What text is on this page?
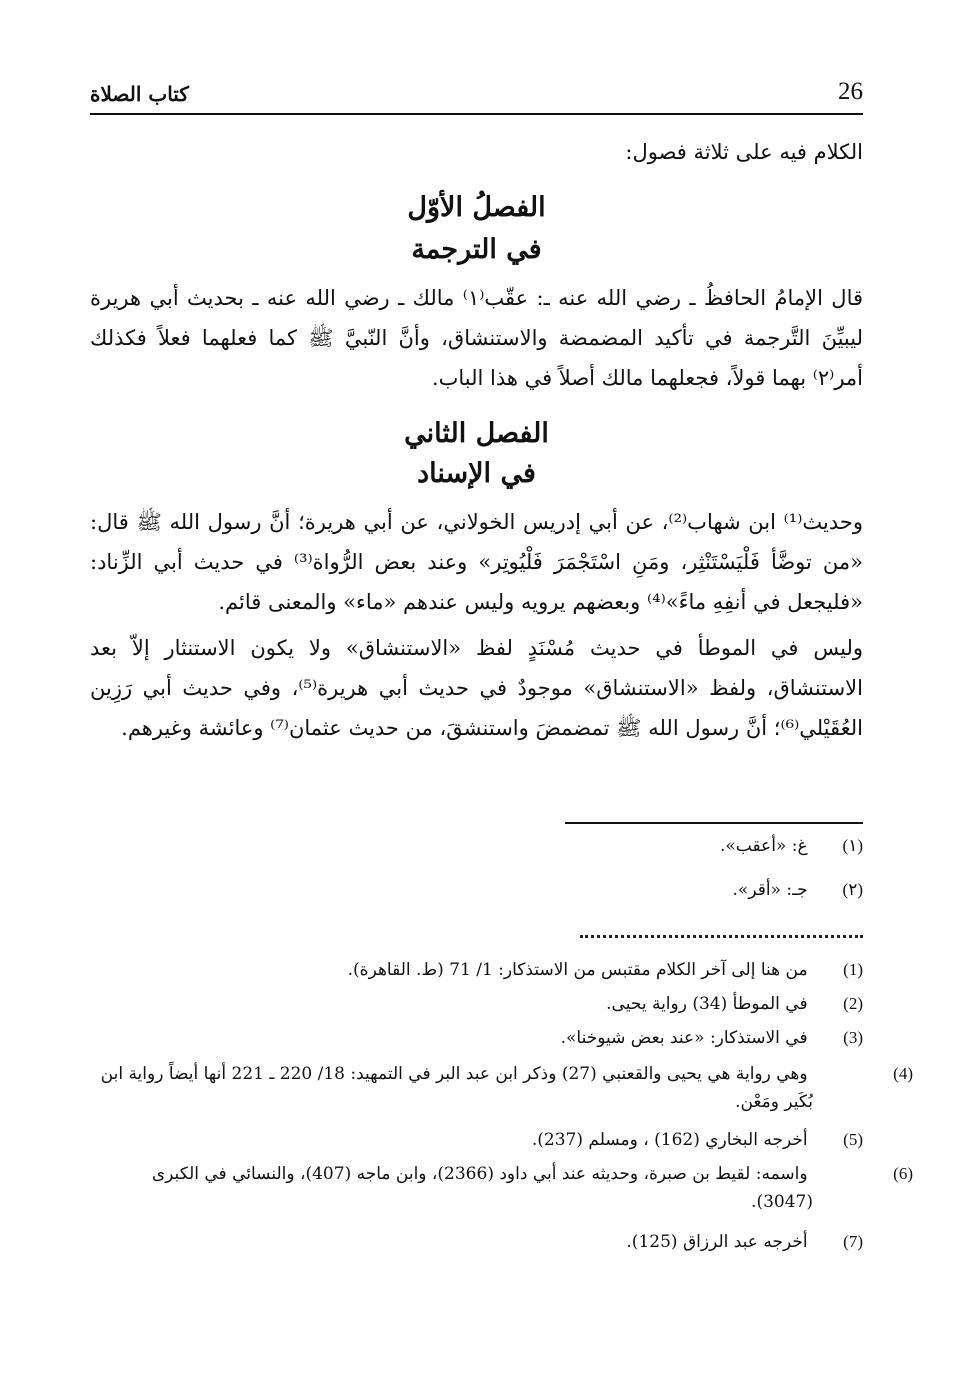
26
كتاب الصلاة
الكلام فيه على ثلاثة فصول:
الفصلُ الأوّل
في الترجمة

قال الإمامُ الحافظُ ـ رضي الله عنه ـ: عقّب⁽١⁾ مالك ـ رضي الله عنه ـ بحديث أبي هريرة ليبيِّنَ التَّرجمة في تأكيد المضمضة والاستنشاق، وأنَّ النّبيَّ ﷺ كما فعلهما فعلاً فكذلك أمر⁽٢⁾ بهما قولاً، فجعلهما مالك أصلاً في هذا الباب.

الفصل الثاني
في الإسناد

وحديث⁽¹⁾ ابن شهاب⁽²⁾، عن أبي إدريس الخولاني، عن أبي هريرة؛ أنَّ رسول الله ﷺ قال: «من توضَّأ فَلْيَسْتَنْثِر، ومَنِ اسْتَجْمَرَ فَلْيُوتِر» وعند بعض الرُّواة⁽³⁾ في حديث أبي الزِّناد: «فليجعل في أنفِهِ ماءً»⁽⁴⁾ وبعضهم يرويه وليس عندهم «ماء» والمعنى قائم.

وليس في الموطأ في حديث مُسْنَدٍ لفظ «الاستنشاق» ولا يكون الاستنثار إلاّ بعد الاستنشاق، ولفظ «الاستنشاق» موجودٌ في حديث أبي هريرة⁽⁵⁾، وفي حديث أبي رَزِين العُقَيْلي⁽⁶⁾؛ أنَّ رسول الله ﷺ تمضمضَ واستنشقَ، من حديث عثمان⁽⁷⁾ وعائشة وغيرهم.

(١) غ: «أعقب».
(٢) جـ: «أقر».
(1) من هنا إلى آخر الكلام مقتبس من الاستذكار: 1/ 71 (ط. القاهرة).
(2) في الموطأ (34) رواية يحيى.
(3) في الاستذكار: «عند بعض شيوخنا».
(4) وهي رواية هي يحيى والقعنبي (27) وذكر ابن عبد البر في التمهيد: 18/ 220 ـ 221 أنها أيضاً رواية ابن بُكَير ومَعْن.
(5) أخرجه البخاري (162) ، ومسلم (237).
(6) واسمه: لقيط بن صبرة، وحديثه عند أبي داود (2366)، وابن ماجه (407)، والنسائي في الكبرى (3047).
(7) أخرجه عبد الرزاق (125).
